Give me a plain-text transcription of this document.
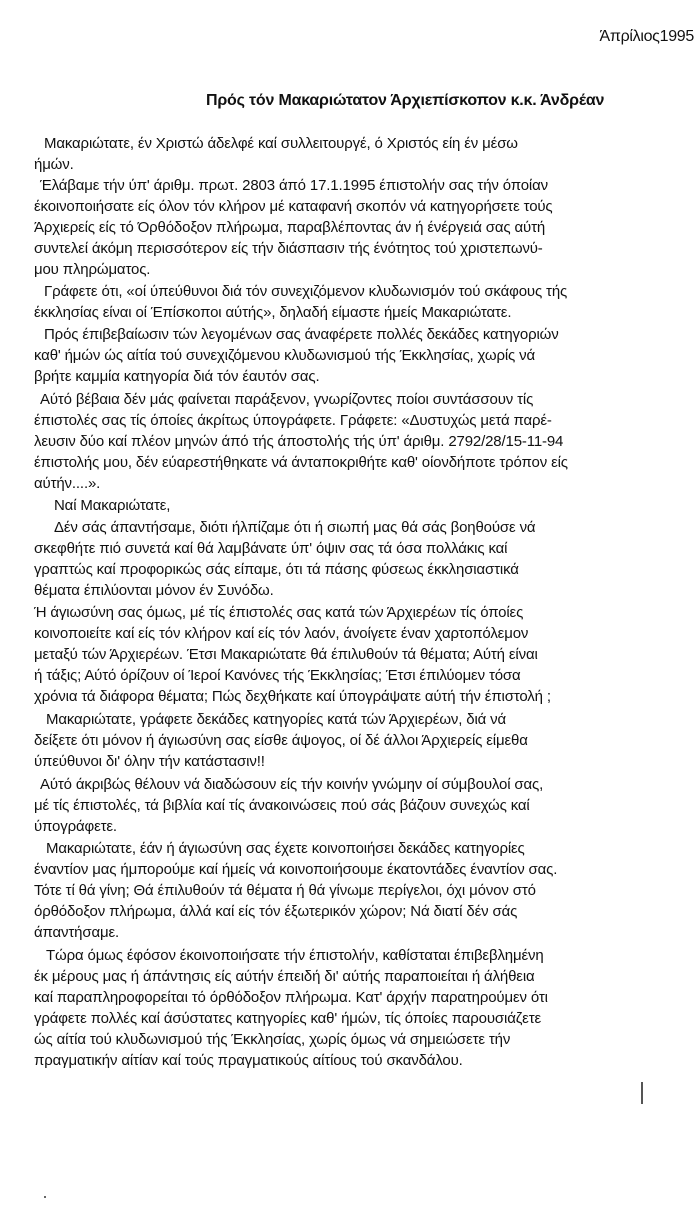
Άπρίλιος1995
Πρός τόν Μακαριώτατον Άρχιεπίσκοπον κ.κ. Άνδρέαν
Μακαριώτατε, έν Χριστώ άδελφέ καί συλλειτουργέ, ό Χριστός είη έν μέσω
ήμών.
Έλάβαμε τήν ύπ' άριθμ. πρωτ. 2803 άπό 17.1.1995 έπιστολήν σας τήν όποίαν
έκοινοποιήσατε είς όλον τόν κλήρον μέ καταφανή σκοπόν νά κατηγορήσετε τούς
Άρχιερείς είς τό Όρθόδοξον πλήρωμα, παραβλέποντας άν ή ένέργειά σας αύτή
συντελεί άκόμη περισσότερον είς τήν διάσπασιν τής ένότητος τού χριστεπωνύ-
μου πληρώματος.
Γράφετε ότι, «οί ύπεύθυνοι διά τόν συνεχιζόμενον κλυδωνισμόν τού σκάφους τής
έκκλησίας είναι οί Έπίσκοποι αύτής», δηλαδή είμαστε ήμείς Μακαριώτατε.
Πρός έπιβεβαίωσιν τών λεγομένων σας άναφέρετε πολλές δεκάδες κατηγοριών
καθ' ήμών ώς αίτία τού συνεχιζόμενου κλυδωνισμού τής Έκκλησίας, χωρίς νά
βρήτε καμμία κατηγορία διά τόν έαυτόν σας.
Αύτό βέβαια δέν μάς φαίνεται παράξενον, γνωρίζοντες ποίοι συντάσσουν τίς
έπιστολές σας τίς όποίες άκρίτως ύπογράφετε. Γράφετε: «Δυστυχώς μετά παρέ-
λευσιν δύο καί πλέον μηνών άπό τής άποστολής τής ύπ' άριθμ. 2792/28/15-11-94
έπιστολής μου, δέν εύαρεστήθηκατε νά άνταποκριθήτε καθ' οίονδήποτε τρόπον είς
αύτήν....».
Ναί Μακαριώτατε,
Δέν σάς άπαντήσαμε, διότι ήλπίζαμε ότι ή σιωπή μας θά σάς βοηθούσε νά
σκεφθήτε πιό συνετά καί θά λαμβάνατε ύπ' όψιν σας τά όσα πολλάκις καί
γραπτώς καί προφορικώς σάς είπαμε, ότι τά πάσης φύσεως έκκλησιαστικά
θέματα έπιλύονται μόνον έν Συνόδω.
Ή άγιωσύνη σας όμως, μέ τίς έπιστολές σας κατά τών Άρχιερέων τίς όποίες
κοινοποιείτε καί είς τόν κλήρον καί είς τόν λαόν, άνοίγετε έναν χαρτοπόλεμον
μεταξύ τών Άρχιερέων. Έτσι Μακαριώτατε θά έπιλυθούν τά θέματα; Αύτή είναι
ή τάξις; Αύτό όρίζουν οί Ίεροί Κανόνες τής Έκκλησίας; Έτσι έπιλύομεν τόσα
χρόνια τά διάφορα θέματα; Πώς δεχθήκατε καί ύπογράψατε αύτή τήν έπιστολή ;
Μακαριώτατε, γράφετε δεκάδες κατηγορίες κατά τών Άρχιερέων, διά νά
δείξετε ότι μόνον ή άγιωσύνη σας είσθε άψογος, οί δέ άλλοι Άρχιερείς είμεθα
ύπεύθυνοι δι' όλην τήν κατάστασιν!!
Αύτό άκριβώς θέλουν νά διαδώσουν είς τήν κοινήν γνώμην οί σύμβουλοί σας,
μέ τίς έπιστολές, τά βιβλία καί τίς άνακοινώσεις πού σάς βάζουν συνεχώς καί
ύπογράφετε.
Μακαριώτατε, έάν ή άγιωσύνη σας έχετε κοινοποιήσει δεκάδες κατηγορίες
έναντίον μας ήμπορούμε καί ήμείς νά κοινοποιήσουμε έκατοντάδες έναντίον σας.
Τότε τί θά γίνη; Θά έπιλυθούν τά θέματα ή θά γίνωμε περίγελοι, όχι μόνον στό
όρθόδοξον πλήρωμα, άλλά καί είς τόν έξωτερικόν χώρον; Νά διατί δέν σάς
άπαντήσαμε.
Τώρα όμως έφόσον έκοινοποιήσατε τήν έπιστολήν, καθίσταται έπιβεβλημένη
έκ μέρους μας ή άπάντησις είς αύτήν έπειδή δι' αύτής παραποιείται ή άλήθεια
καί παραπληροφορείται τό όρθόδοξον πλήρωμα. Κατ' άρχήν παρατηρούμεν ότι
γράφετε πολλές καί άσύστατες κατηγορίες καθ' ήμών, τίς όποίες παρουσιάζετε
ώς αίτία τού κλυδωνισμού τής Έκκλησίας, χωρίς όμως νά σημειώσετε τήν
πραγματικήν αίτίαν καί τούς πραγματικούς αίτίους τού σκανδάλου.
